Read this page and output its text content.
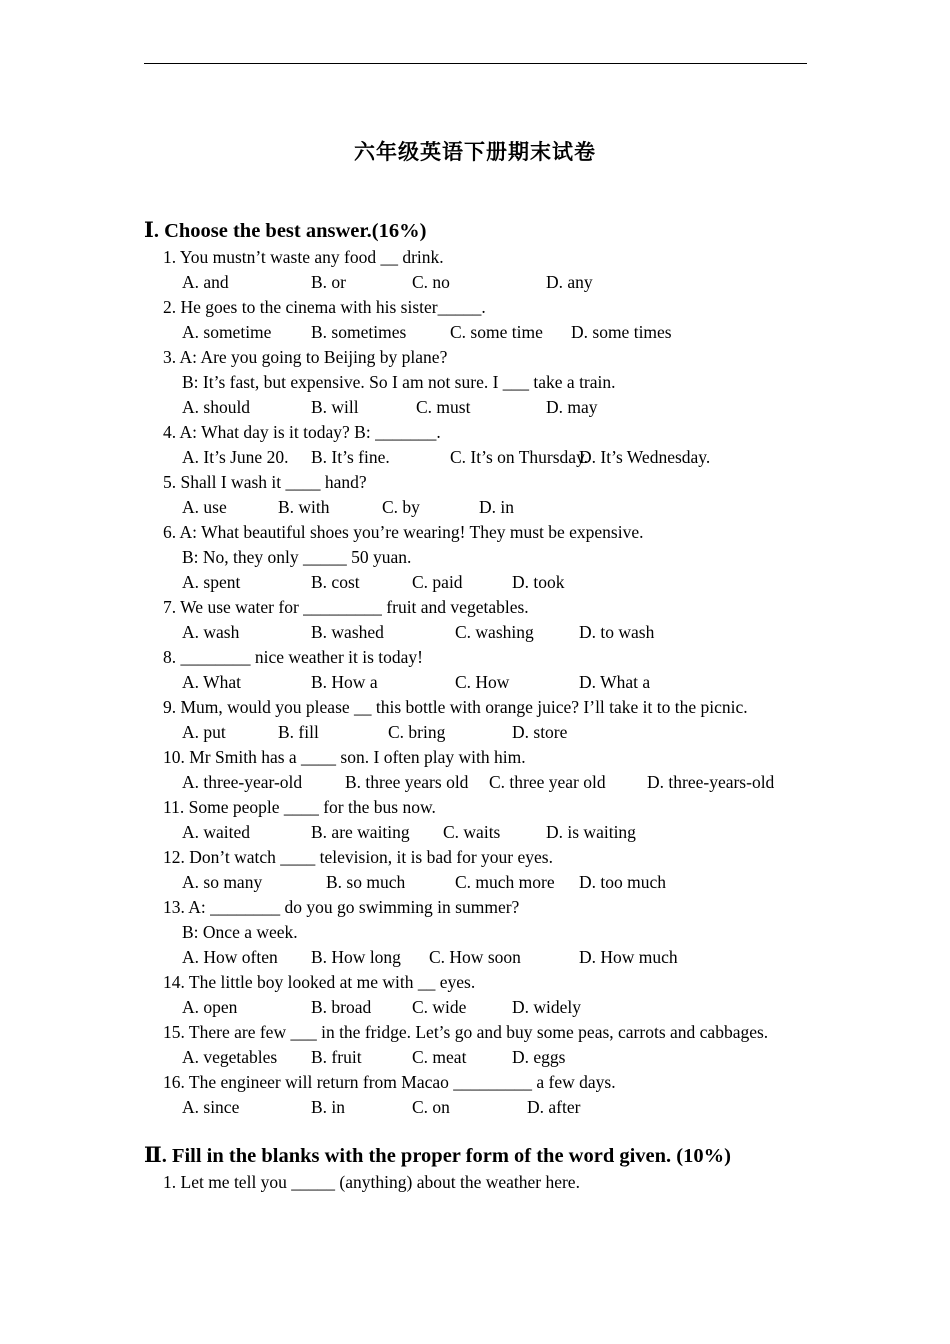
六年级英语下册期末试卷
Ⅰ. Choose the best answer.(16%)
1. You mustn’t waste any food __ drink.
A. and	B. or	C. no	D. any
2. He goes to the cinema with his sister_____.
A. sometime B. sometimes C. some time D. some times
3. A: Are you going to Beijing by plane?
B: It’s fast, but expensive. So I am not sure. I ___ take a train.
A. should	B. will	C. must	D. may
4. A: What day is it today? B: _______.
A. It’s June 20. B. It’s fine.	C. It’s on Thursday.
D. It’s Wednesday.
5. Shall I wash it ____ hand?
A. use	B. with	C. by	D. in
6. A: What beautiful shoes you’re wearing! They must be expensive.
B: No, they only _____ 50 yuan.
A. spent	B. cost	C. paid	D. took
7. We use water for _________ fruit and vegetables.
A. wash	B. washed	C. washing	D. to wash
8. ________ nice weather it is today!
A. What	B. How a	C. How	D. What a
9. Mum, would you please __ this bottle with orange juice? I’ll take it to the picnic.
A. put	B. fill	C. bring	D. store
10. Mr Smith has a ____ son. I often play with him.
A. three-year-old B. three years old C. three year old D. three-years-old
11. Some people ____ for the bus now.
A. waited	B. are waiting C. waits	D. is waiting
12. Don’t watch ____ television, it is bad for your eyes.
A. so many	B. so much	C. much more D. too much
13. A: ________ do you go swimming in summer?
B: Once a week.
A. How often B. How long C. How soon	D. How much
14. The little boy looked at me with __ eyes.
A. open	B. broad C. wide	D. widely
15. There are few ___ in the fridge. Let’s go and buy some peas, carrots and cabbages.
A. vegetables B. fruit	C. meat	D. eggs
16. The engineer will return from Macao _________ a few days.
A. since	B. in	C. on	D. after
Ⅱ. Fill in the blanks with the proper form of the word given. (10%)
1. Let me tell you _____ (anything) about the weather here.
